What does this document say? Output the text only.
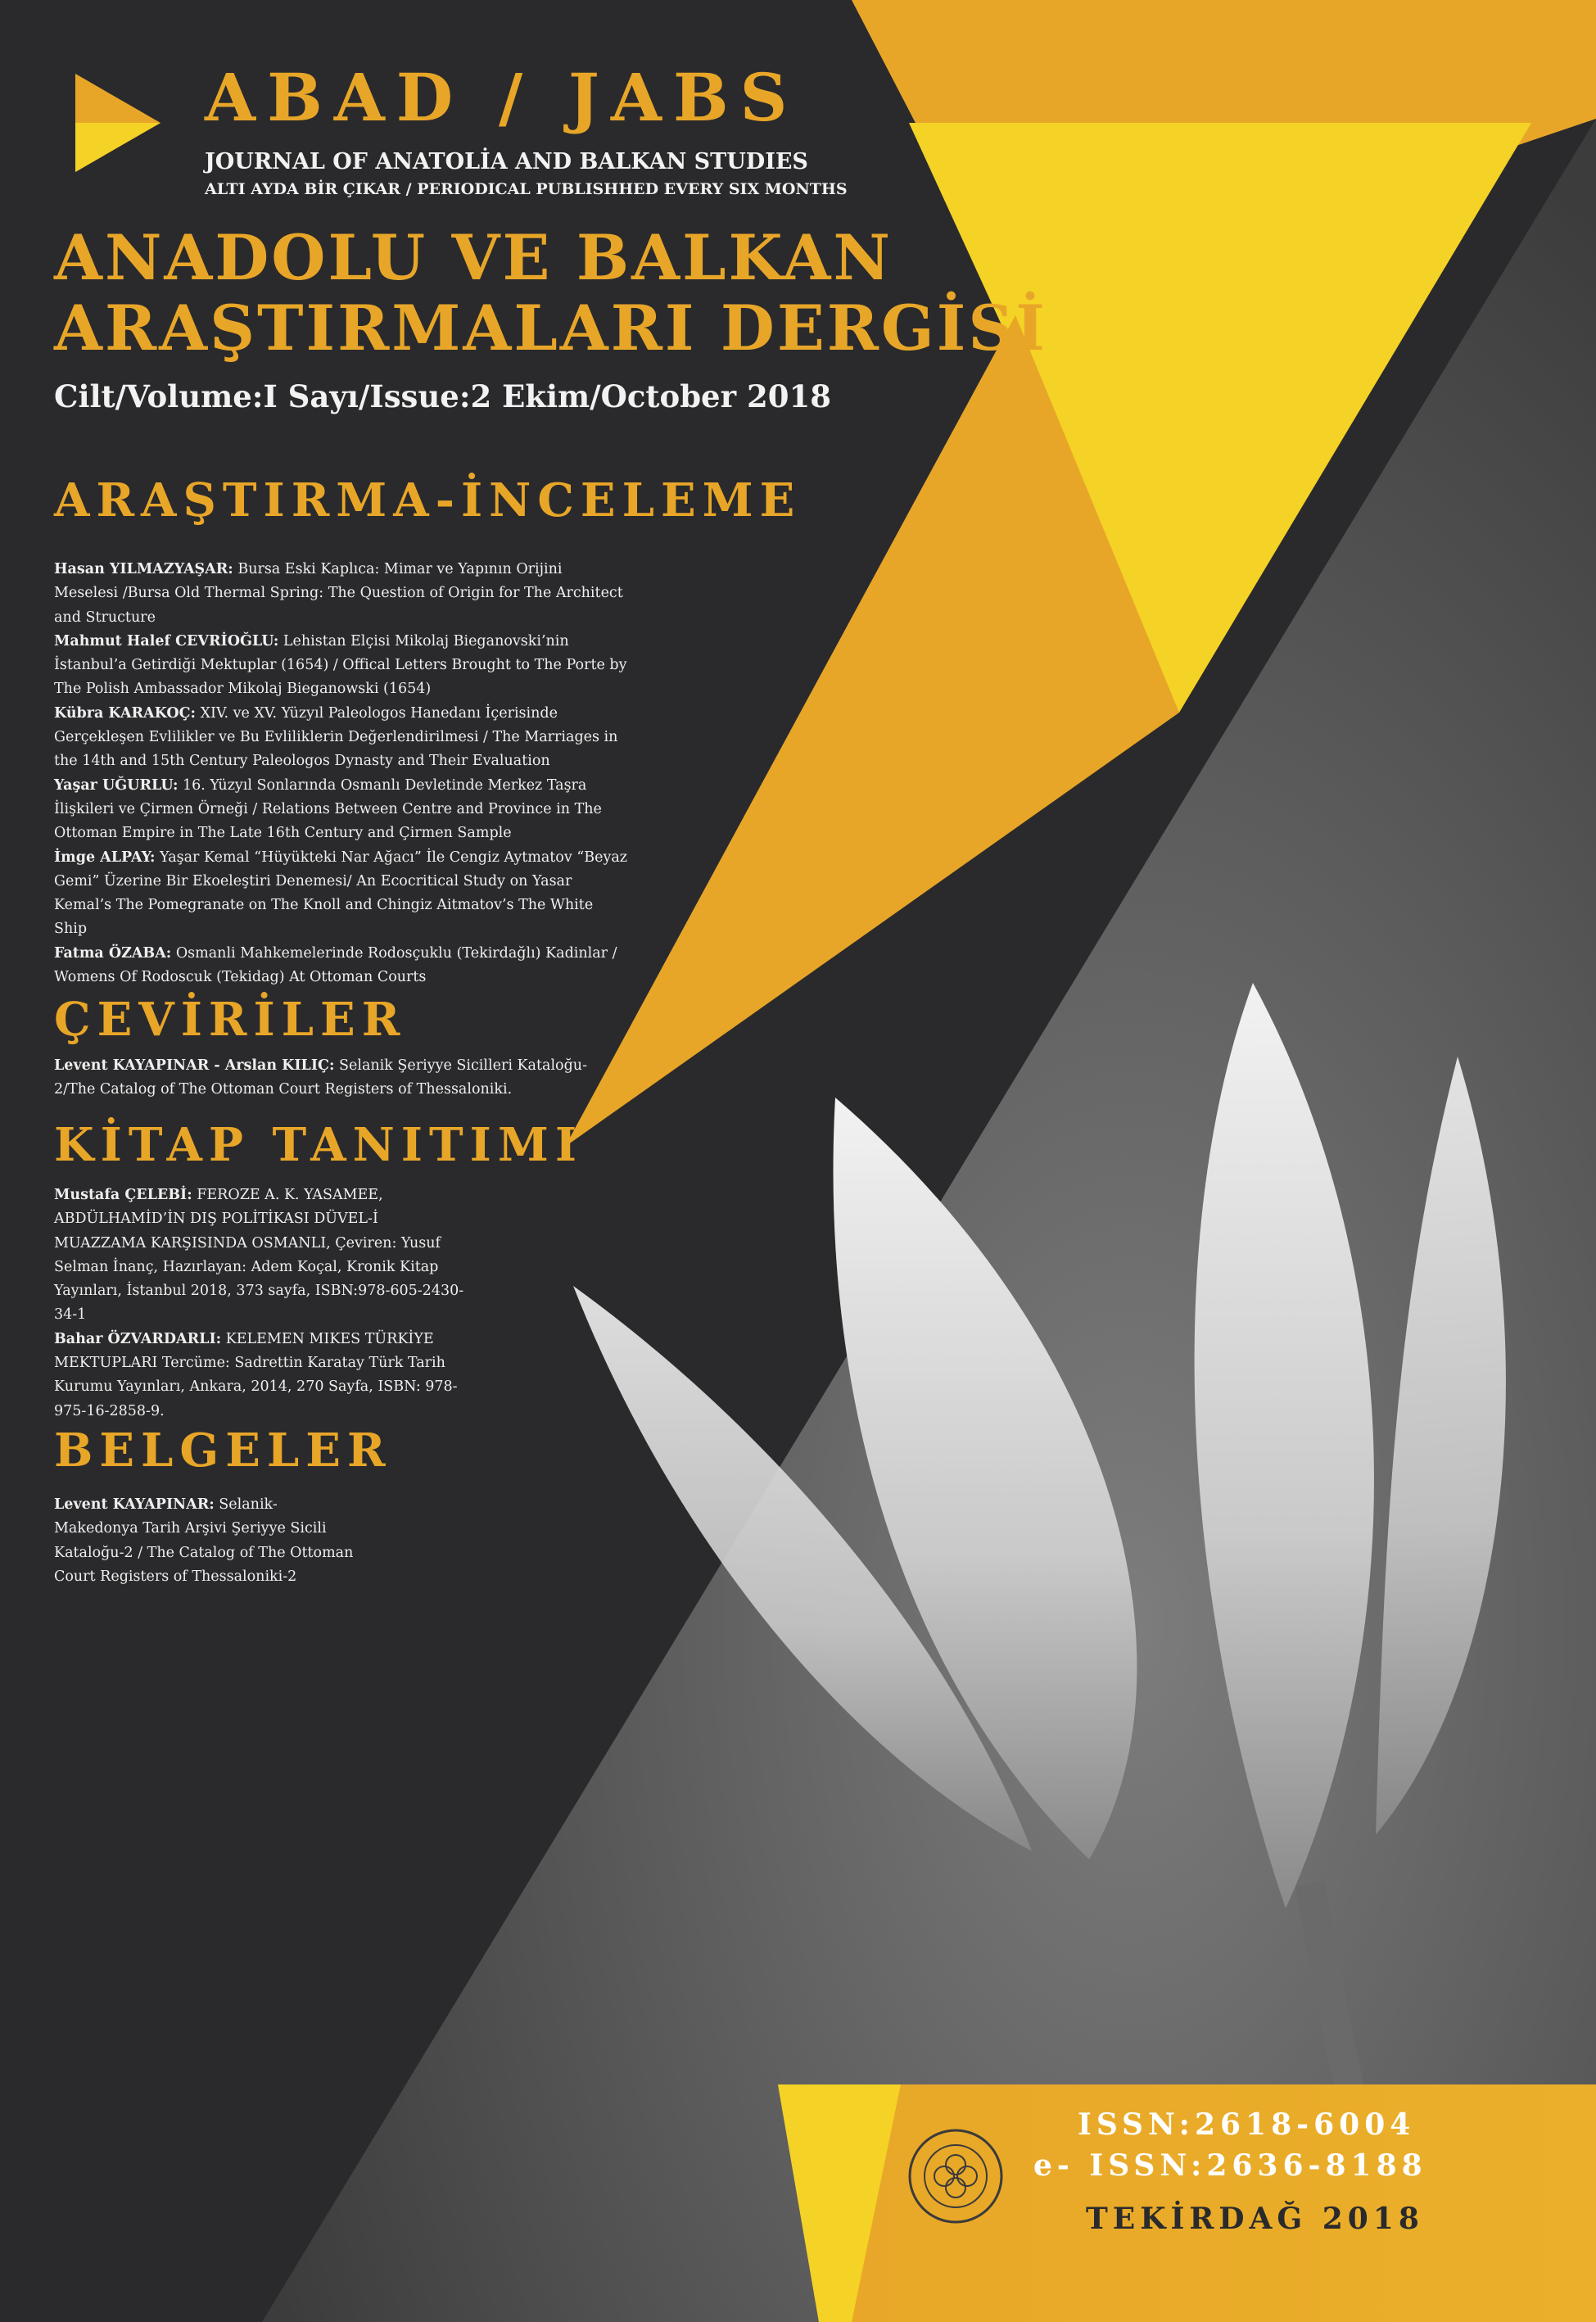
ABAD / JABS
JOURNAL OF ANATOLİA AND BALKAN STUDIES
ALTI AYDA BİR ÇIKAR / PERIODICAL PUBLISHHED EVERY SIX MONTHS
ANADOLU VE BALKAN
ARAŞTIRMALARI DERGİSİ
Cilt/Volume:I Sayı/Issue:2 Ekim/October 2018
ARAŞTIRMA-İNCELEME
Hasan YILMAZYAŞAR: Bursa Eski Kaplıca: Mimar ve Yapının Orijini Meselesi /Bursa Old Thermal Spring: The Question of Origin for The Architect and Structure
Mahmut Halef CEVRİOĞLU: Lehistan Elçisi Mikolaj Bieganovski’nin İstanbul’a Getirdiği Mektuplar (1654) / Offical Letters Brought to The Porte by The Polish Ambassador Mikolaj Bieganowski (1654)
Kübra KARAKOÇ: XIV. ve XV. Yüzyıl Paleologos Hanedanı İçerisinde Gerçekleşen Evlilikler ve Bu Evliliklerin Değerlendirilmesi / The Marriages in the 14th and 15th Century Paleologos Dynasty and Their Evaluation
Yaşar UĞURLU: 16. Yüzyıl Sonlarında Osmanlı Devletinde Merkez Taşra İlişkileri ve Çirmen Örneği / Relations Between Centre and Province in The Ottoman Empire in The Late 16th Century and Çirmen Sample
İmge ALPAY: Yaşar Kemal “Hüyükteki Nar Ağacı” İle Cengiz Aytmatov “Beyaz Gemi” Üzerine Bir Ekoeleştiri Denemesi/ An Ecocritical Study on Yasar Kemal’s The Pomegranate on The Knoll and Chingiz Aitmatov’s The White Ship
Fatma ÖZABA: Osmanli Mahkemelerinde Rodosçuklu (Tekirdağlı) Kadinlar / Womens Of Rodoscuk (Tekidag) At Ottoman Courts
ÇEVİRİLER
Levent KAYAPINAR - Arslan KILIÇ: Selanik Şeriyye Sicilleri Kataloğu-2/The Catalog of The Ottoman Court Registers of Thessaloniki.
KİTAP TANITIMI
Mustafa ÇELEBİ: FEROZE A. K. YASAMEE, ABDÜLHAMİD’İN DIŞ POLİTİKASI DÜVEL-İ MUAZZAMA KARŞISINDA OSMANLI, Çeviren: Yusuf Selman İnanç, Hazırlayan: Adem Koçal, Kronik Kitap Yayınları, İstanbul 2018, 373 sayfa, ISBN:978-605-2430-34-1
Bahar ÖZVARDARLI: KELEMEN MIKES TÜRKİYE MEKTUPLARI Tercüme: Sadrettin Karatay Türk Tarih Kurumu Yayınları, Ankara, 2014, 270 Sayfa, ISBN: 978-975-16-2858-9.
BELGELER
Levent KAYAPINAR: Selanik-Makedonya Tarih Arşivi Şeriyye Sicili Kataloğu-2 / The Catalog of The Ottoman Court Registers of Thessaloniki-2
ISSN:2618-6004
e- ISSN:2636-8188
TEKİRDAĞ 2018
